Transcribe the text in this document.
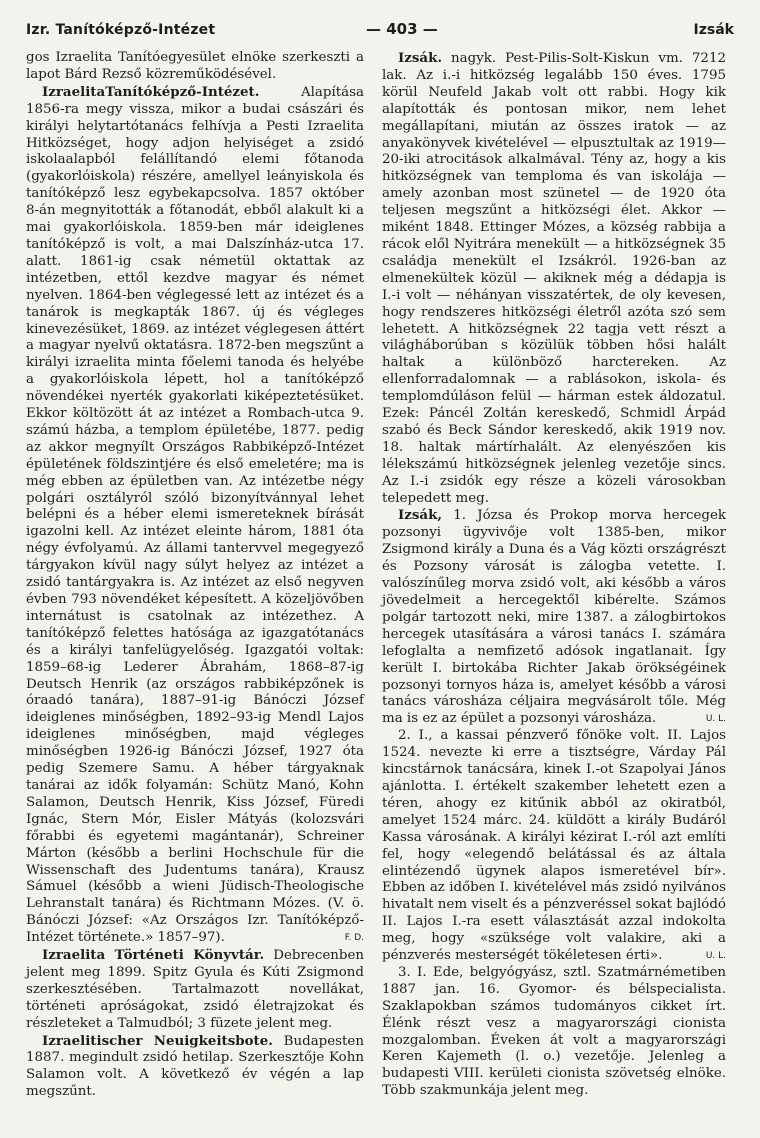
Izr. Tanítóképző-Intézet	— 403 —	Izsák

gos Izraelita Tanítóegyesület elnöke szerkeszti a lapot Bárd Rezső közreműködésével.

IzraelitaTanítóképző-Intézet.	Alapítása 1856-ra megy vissza, mikor a budai császári és királyi helytartótanács felhívja a Pesti Izraelita Hitközséget, hogy adjon helyiséget a zsidó iskolaalapból felállítandó elemi főtanoda (gyakorlóiskola) részére, amellyel leányiskola és tanítóképző lesz egybekapcsolva. 1857 október 8-án megnyitották a főtanodát, ebből alakult ki a mai gyakorlóiskola. 1859-ben már ideiglenes tanítóképző is volt, a mai Dalszínház-utca 17. alatt. 1861-ig csak németül oktattak az intézetben, ettől kezdve magyar és német nyelven. 1864-ben véglegessé lett az intézet és a tanárok is megkapták 1867. új és végleges kinevezésüket, 1869. az intézet véglegesen áttért a magyar nyelvű oktatásra. 1872-ben megszűnt a királyi izraelita minta főelemi tanoda és helyébe a gyakorlóiskola lépett, hol a tanítóképző növendékei nyerték gyakorlati kiképeztetésüket. Ekkor költözött át az intézet a Rombach-utca 9. számú házba, a templom épületébe, 1877. pedig az akkor megnyílt Országos Rabbiképző-Intézet épületének földszintjére és első emeletére; ma is még ebben az épületben van. Az intézetbe négy polgári osztályról szóló bizonyítvánnyal lehet belépni és a héber elemi ismereteknek bírását igazolni kell. Az intézet eleinte három, 1881 óta négy évfolyamú. Az állami tantervvel megegyező tárgyakon kívül nagy súlyt helyez az intézet a zsidó tantárgyakra is. Az intézet az első negyven évben 793 növendéket képesített. A közeljövőben internátust is csatolnak az intézethez. A tanítóképző felettes hatósága az igazgatótanács és a királyi tanfelügyelőség. Igazgatói voltak: 1859–68-ig Lederer Ábrahám, 1868–87-ig Deutsch Henrik (az országos rabbiképzőnek is óraadó tanára), 1887–91-ig Bánóczi József ideiglenes minőségben, 1892–93-ig Mendl Lajos ideiglenes minőségben, majd végleges minőségben 1926-ig Bánóczi József, 1927 óta pedig Szemere Samu. A héber tárgyaknak tanárai az idők folyamán: Schütz Manó, Kohn Salamon, Deutsch Henrik, Kiss József, Füredi Ignác, Stern Mór, Eisler Mátyás (kolozsvári főrabbi és egyetemi magántanár), Schreiner Márton (később a berlini Hochschule für die Wissenschaft des Judentums tanára), Krausz Sámuel (később a wieni Jüdisch-Theologische Lehranstalt tanára) és Richtmann Mózes. (V. ö. Bánóczi József: «Az Országos Izr. Tanítóképző-Intézet története.» 1857–97).	F. D.

Izraelita Történeti Könyvtár. Debrecenben jelent meg 1899. Spitz Gyula és Kúti Zsigmond szerkesztésében. Tartalmazott novellákat, történeti apróságokat, zsidó életrajzokat és részleteket a Talmudból; 3 füzete jelent meg.

Izraelitischer Neuigkeitsbote. Budapesten 1887. megindult zsidó hetilap. Szerkesztője Kohn Salamon volt. A következő év végén a lap megszűnt.

Izsák. nagyk. Pest-Pilis-Solt-Kiskun vm. 7212 lak. Az i.-i hitközség legalább 150 éves. 1795 körül Neufeld Jakab volt ott rabbi. Hogy kik alapították és pontosan mikor, nem lehet megállapítani, miután az összes iratok — az anyakönyvek kivételével — elpusztultak az 1919—20-iki atrocitások alkalmával. Tény az, hogy a kis hitközségnek van temploma és van iskolája — amely azonban most szünetel — de 1920 óta teljesen megszűnt a hitközségi élet. Akkor — miként 1848. Ettinger Mózes, a község rabbija a rácok elől Nyitrára menekült — a hitközségnek 35 családja menekült el Izsákról. 1926-ban az elmenekültek közül — akiknek még a dédapja is I.-i volt — néhányan visszatértek, de oly kevesen, hogy rendszeres hitközségi életről azóta szó sem lehetett. A hitközségnek 22 tagja vett részt a világháborúban s közülük többen hősi halált haltak a különböző harctereken. Az ellenforradalomnak — a rablásokon, iskola- és templomdúláson felül — hárman estek áldozatul. Ezek: Páncél Zoltán kereskedő, Schmidl Árpád szabó és Beck Sándor kereskedő, akik 1919 nov. 18. haltak mártírhalált. Az elenyészően kis lélekszámú hitközségnek jelenleg vezetője sincs. Az I.-i zsidók egy része a közeli városokban telepedett meg.

Izsák, 1. Józsa és Prokop morva hercegek pozsonyi ügyvivője volt 1385-ben, mikor Zsigmond király a Duna és a Vág közti országrészt és Pozsony városát is zálogba vetette. I. valószínűleg morva zsidó volt, aki később a város jövedelmeit a hercegektől kibérelte. Számos polgár tartozott neki, mire 1387. a zálogbirtokos hercegek utasítására a városi tanács I. számára lefoglalta a nemfizető adósok ingatlanait. Így került I. birtokába Richter Jakab örökségéinek pozsonyi tornyos háza is, amelyet később a városi tanács városháza céljaira megvásárolt tőle. Még ma is ez az épület a pozsonyi városháza.	U. L.

2. I., a kassai pénzverő főnöke volt. II. Lajos 1524. nevezte ki erre a tisztségre, Várday Pál kincstárnok tanácsára, kinek I.-ot Szapolyai János ajánlotta. I. értékelt szakember lehetett ezen a téren, ahogy ez kitűnik abból az okiratból, amelyet 1524 márc. 24. küldött a király Budáról Kassa városának. A királyi kézirat I.-ról azt említi fel, hogy «elegendő belátással és az általa elintézendő ügynek alapos ismeretével bír». Ebben az időben I. kivételével más zsidó nyilvános hivatalt nem viselt és a pénzveréssel sokat bajlódó II. Lajos I.-ra esett választását azzal indokolta meg, hogy «szüksége volt valakire, aki a pénzverés mesterségét tökéletesen érti».	U. L.

3. I. Ede, belgyógyász, sztl. Szatmárnémetiben 1887 jan. 16. Gyomor- és bélspecialista. Szaklapokban számos tudományos cikket írt. Élénk részt vesz a magyarországi cionista mozgalomban. Éveken át volt a magyarországi Keren Kajemeth (l. o.) vezetője. Jelenleg a budapesti VIII. kerületi cionista szövetség elnöke. Több szakmunkája jelent meg.
